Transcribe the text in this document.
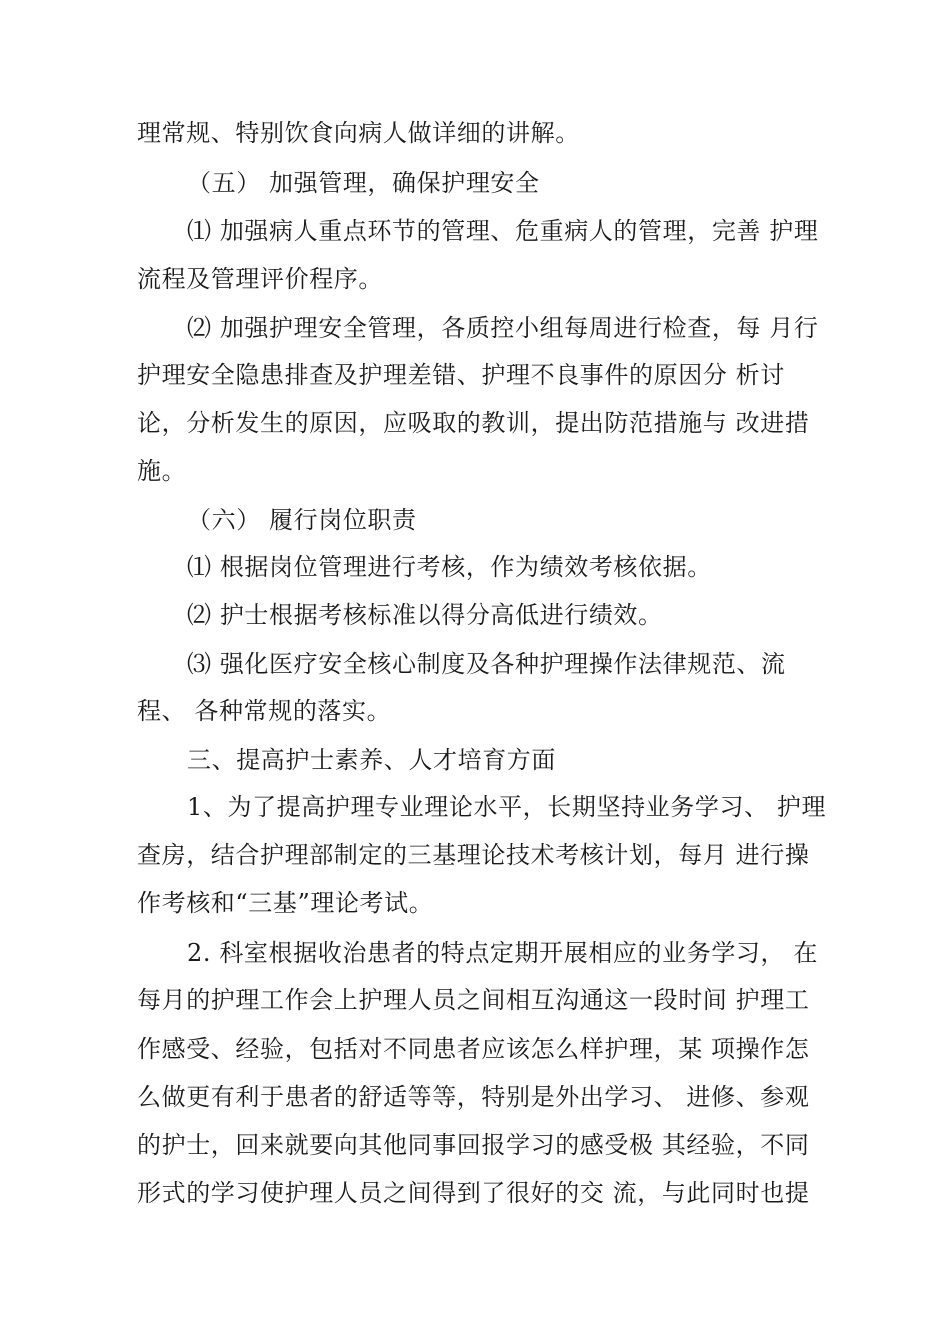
理常规、特别饮食向病人做详细的讲解。
（五） 加强管理，确保护理安全
⑴ 加强病人重点环节的管理、危重病人的管理，完善 护理
流程及管理评价程序。
⑵ 加强护理安全管理，各质控小组每周进行检查，每 月行
护理安全隐患排查及护理差错、护理不良事件的原因分 析讨
论，分析发生的原因，应吸取的教训，提出防范措施与 改进措
施。
（六） 履行岗位职责
⑴ 根据岗位管理进行考核，作为绩效考核依据。
⑵ 护士根据考核标准以得分高低进行绩效。
⑶ 强化医疗安全核心制度及各种护理操作法律规范、流
程、 各种常规的落实。
三、提高护士素养、人才培育方面
1、为了提高护理专业理论水平，长期坚持业务学习、 护理
查房，结合护理部制定的三基理论技术考核计划，每月 进行操
作考核和“三基”理论考试。
2. 科室根据收治患者的特点定期开展相应的业务学习， 在
每月的护理工作会上护理人员之间相互沟通这一段时间 护理工
作感受、经验，包括对不同患者应该怎么样护理，某 项操作怎
么做更有利于患者的舒适等等，特别是外出学习、 进修、参观
的护士，回来就要向其他同事回报学习的感受极 其经验，不同
形式的学习使护理人员之间得到了很好的交 流，与此同时也提
